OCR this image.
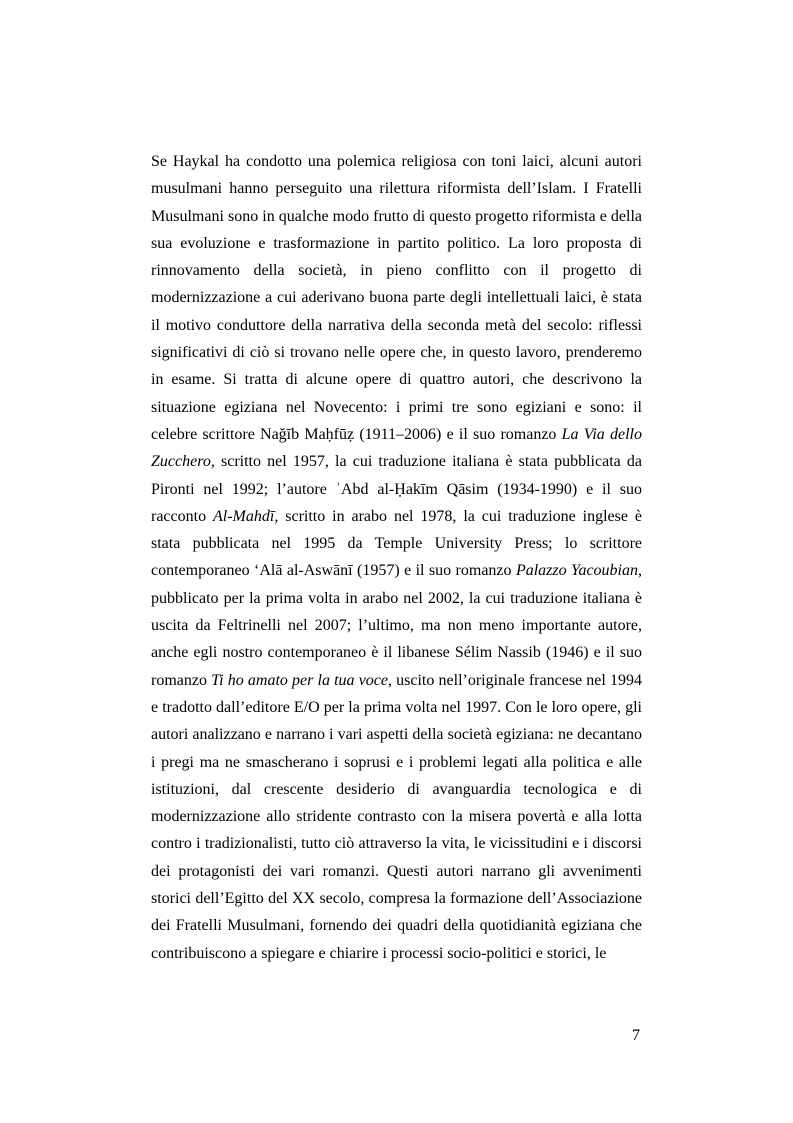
Se Haykal ha condotto una polemica religiosa con toni laici, alcuni autori
musulmani hanno perseguito una rilettura riformista dell’Islam. I Fratelli
Musulmani sono in qualche modo frutto di questo progetto riformista e della
sua evoluzione e trasformazione in partito politico. La loro proposta di
rinnovamento della società, in pieno conflitto con il progetto di
modernizzazione a cui aderivano buona parte degli intellettuali laici, è stata
il motivo conduttore della narrativa della seconda metà del secolo: riflessi
significativi di ciò si trovano nelle opere che, in questo lavoro, prenderemo
in esame. Si tratta di alcune opere di quattro autori, che descrivono la
situazione egiziana nel Novecento: i primi tre sono egiziani e sono: il
celebre scrittore Naǧīb Maḥfūẓ (1911–2006) e il suo romanzo La Via dello
Zucchero, scritto nel 1957, la cui traduzione italiana è stata pubblicata da
Pironti nel 1992; l’autore ʾAbd al-Ḥakīm Qāsim (1934-1990) e il suo
racconto Al-Mahdī, scritto in arabo nel 1978, la cui traduzione inglese è
stata pubblicata nel 1995 da Temple University Press; lo scrittore
contemporaneo ‘Alā al-Aswānī (1957) e il suo romanzo Palazzo Yacoubian,
pubblicato per la prima volta in arabo nel 2002, la cui traduzione italiana è
uscita da Feltrinelli nel 2007; l’ultimo, ma non meno importante autore,
anche egli nostro contemporaneo è il libanese Sélim Nassib (1946) e il suo
romanzo Ti ho amato per la tua voce, uscito nell’originale francese nel 1994
e tradotto dall’editore E/O per la prima volta nel 1997. Con le loro opere, gli
autori analizzano e narrano i vari aspetti della società egiziana: ne decantano
i pregi ma ne smascherano i soprusi e i problemi legati alla politica e alle
istituzioni, dal crescente desiderio di avanguardia tecnologica e di
modernizzazione allo stridente contrasto con la misera povertà e alla lotta
contro i tradizionalisti, tutto ciò attraverso la vita, le vicissitudini e i discorsi
dei protagonisti dei vari romanzi. Questi autori narrano gli avvenimenti
storici dell’Egitto del XX secolo, compresa la formazione dell’Associazione
dei Fratelli Musulmani, fornendo dei quadri della quotidianità egiziana che
contribuiscono a spiegare e chiarire i processi socio-politici e storici, le
7
